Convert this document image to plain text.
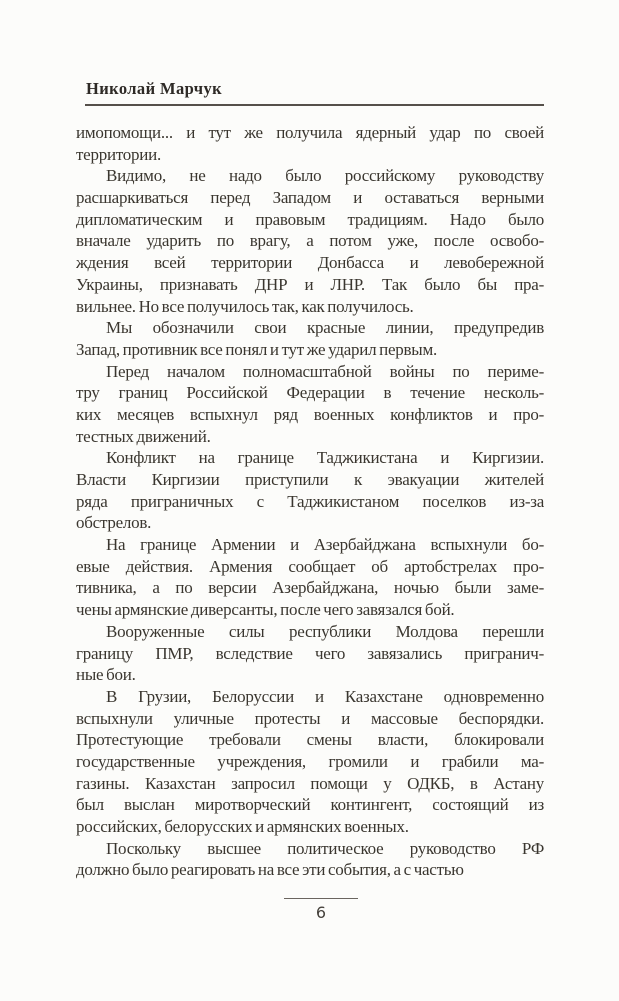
Николай Марчук
имопомощи... и тут же получила ядерный удар по своей
территории.
Видимо, не надо было российскому руководству
расшаркиваться перед Западом и оставаться верными
дипломатическим и правовым традициям. Надо было
вначале ударить по врагу, а потом уже, после освобо-
ждения всей территории Донбасса и левобережной
Украины, признавать ДНР и ЛНР. Так было бы пра-
вильнее. Но все получилось так, как получилось.
Мы обозначили свои красные линии, предупредив
Запад, противник все понял и тут же ударил первым.
Перед началом полномасштабной войны по периме-
тру границ Российской Федерации в течение несколь-
ких месяцев вспыхнул ряд военных конфликтов и про-
тестных движений.
Конфликт на границе Таджикистана и Киргизии.
Власти Киргизии приступили к эвакуации жителей
ряда приграничных с Таджикистаном поселков из-за
обстрелов.
На границе Армении и Азербайджана вспыхнули бо-
евые действия. Армения сообщает об артобстрелах про-
тивника, а по версии Азербайджана, ночью были заме-
чены армянские диверсанты, после чего завязался бой.
Вооруженные силы республики Молдова перешли
границу ПМР, вследствие чего завязались пригранич-
ные бои.
В Грузии, Белоруссии и Казахстане одновременно
вспыхнули уличные протесты и массовые беспорядки.
Протестующие требовали смены власти, блокировали
государственные учреждения, громили и грабили ма-
газины. Казахстан запросил помощи у ОДКБ, в Астану
был выслан миротворческий контингент, состоящий из
российских, белорусских и армянских военных.
Поскольку высшее политическое руководство РФ
должно было реагировать на все эти события, а с частью
6
